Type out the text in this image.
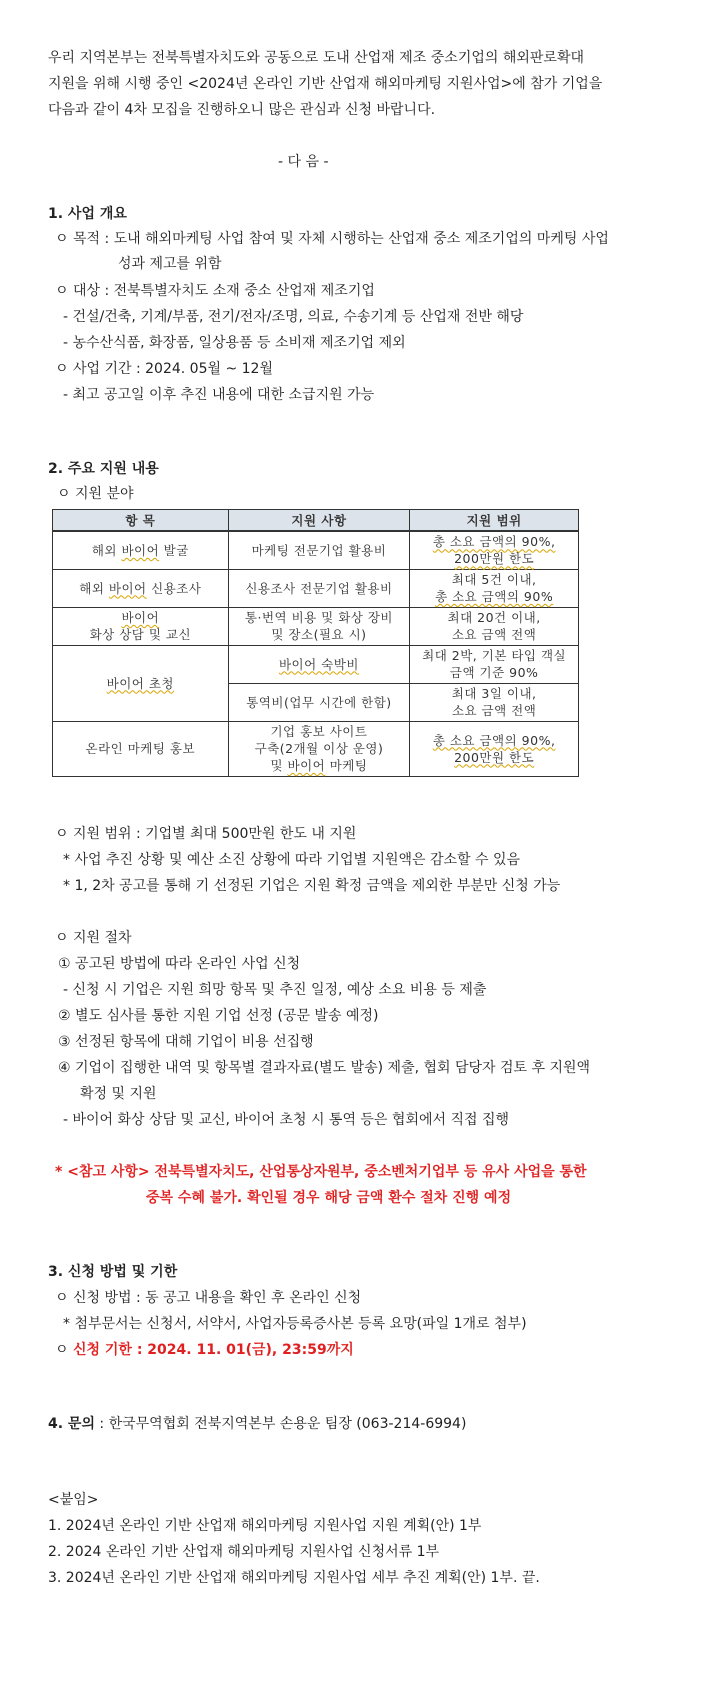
우리 지역본부는 전북특별자치도와 공동으로 도내 산업재 제조 중소기업의 해외판로확대
지원을 위해 시행 중인 <2024년 온라인 기반 산업재 해외마케팅 지원사업>에 참가 기업을
다음과 같이 4차 모집을 진행하오니 많은 관심과 신청 바랍니다.
- 다 음 -
1. 사업 개요
ㅇ 목적 : 도내 해외마케팅 사업 참여 및 자체 시행하는 산업재 중소 제조기업의 마케팅 사업
성과 제고를 위함
ㅇ 대상 : 전북특별자치도 소재 중소 산업재 제조기업
- 건설/건축, 기계/부품, 전기/전자/조명, 의료, 수송기계 등 산업재 전반 해당
- 농수산식품, 화장품, 일상용품 등 소비재 제조기업 제외
ㅇ 사업 기간 : 2024. 05월 ~ 12월
- 최고 공고일 이후 추진 내용에 대한 소급지원 가능
2. 주요 지원 내용
ㅇ 지원 분야
항 목	지원 사항	지원 범위
해외 바이어 발굴	마케팅 전문기업 활용비	총 소요 금액의 90%,
200만원 한도

해외 바이어 신용조사	신용조사 전문기업 활용비	최대 5건 이내,
총 소요 금액의 90%

바이어
화상 상담 및 교신	통·번역 비용 및 화상 장비
및 장소(필요 시)	최대 20건 이내,
소요 금액 전액

바이어 초청	바이어 숙박비	최대 2박, 기본 타입 객실
금액 기준 90%

	통역비(업무 시간에 한함)	최대 3일 이내,
소요 금액 전액

온라인 마케팅 홍보	기업 홍보 사이트
구축(2개월 이상 운영)
및 바이어 마케팅	총 소요 금액의 90%,
200만원 한도
ㅇ 지원 범위 : 기업별 최대 500만원 한도 내 지원
* 사업 추진 상황 및 예산 소진 상황에 따라 기업별 지원액은 감소할 수 있음
* 1, 2차 공고를 통해 기 선정된 기업은 지원 확정 금액을 제외한 부분만 신청 가능
ㅇ 지원 절차
① 공고된 방법에 따라 온라인 사업 신청
- 신청 시 기업은 지원 희망 항목 및 추진 일정, 예상 소요 비용 등 제출
② 별도 심사를 통한 지원 기업 선정 (공문 발송 예정)
③ 선정된 항목에 대해 기업이 비용 선집행
④ 기업이 집행한 내역 및 항목별 결과자료(별도 발송) 제출, 협회 담당자 검토 후 지원액
확정 및 지원
- 바이어 화상 상담 및 교신, 바이어 초청 시 통역 등은 협회에서 직접 집행
* <참고 사항> 전북특별자치도, 산업통상자원부, 중소벤처기업부 등 유사 사업을 통한
중복 수혜 불가. 확인될 경우 해당 금액 환수 절차 진행 예정
3. 신청 방법 및 기한
ㅇ 신청 방법 : 동 공고 내용을 확인 후 온라인 신청
* 첨부문서는 신청서, 서약서, 사업자등록증사본 등록 요망(파일 1개로 첨부)
ㅇ 신청 기한 : 2024. 11. 01(금), 23:59까지
4. 문의 : 한국무역협회 전북지역본부 손용운 팀장 (063-214-6994)
<붙임>
1. 2024년 온라인 기반 산업재 해외마케팅 지원사업 지원 계획(안) 1부
2. 2024 온라인 기반 산업재 해외마케팅 지원사업 신청서류 1부
3. 2024년 온라인 기반 산업재 해외마케팅 지원사업 세부 추진 계획(안) 1부. 끝.
